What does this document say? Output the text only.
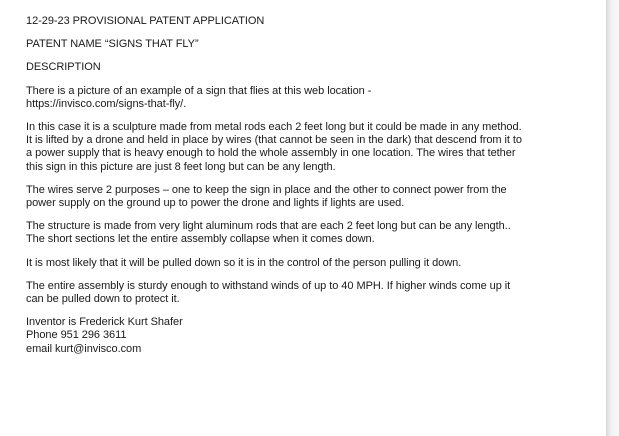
12-29-23 PROVISIONAL PATENT APPLICATION
PATENT NAME “SIGNS THAT FLY”
DESCRIPTION
There is a picture of an example of a sign that flies at this web location -
https://invisco.com/signs-that-fly/.
In this case it is a sculpture made from metal rods each 2 feet long but it could be made in any method.
It is lifted by a drone and held in place by wires (that cannot be seen in the dark) that descend from it to
a power supply that is heavy enough to hold the whole assembly in one location. The wires that tether
this sign in this picture are just 8 feet long but can be any length.
The wires serve 2 purposes – one to keep the sign in place and the other to connect power from the
power supply on the ground up to power the drone and lights if lights are used.
The structure is made from very light aluminum rods that are each 2 feet long but can be any length..
The short sections let the entire assembly collapse when it comes down.
It is most likely that it will be pulled down so it is in the control of the person pulling it down.
The entire assembly is sturdy enough to withstand winds of up to 40 MPH. If higher winds come up it
can be pulled down to protect it.
Inventor is Frederick Kurt Shafer
Phone 951 296 3611
email kurt@invisco.com
